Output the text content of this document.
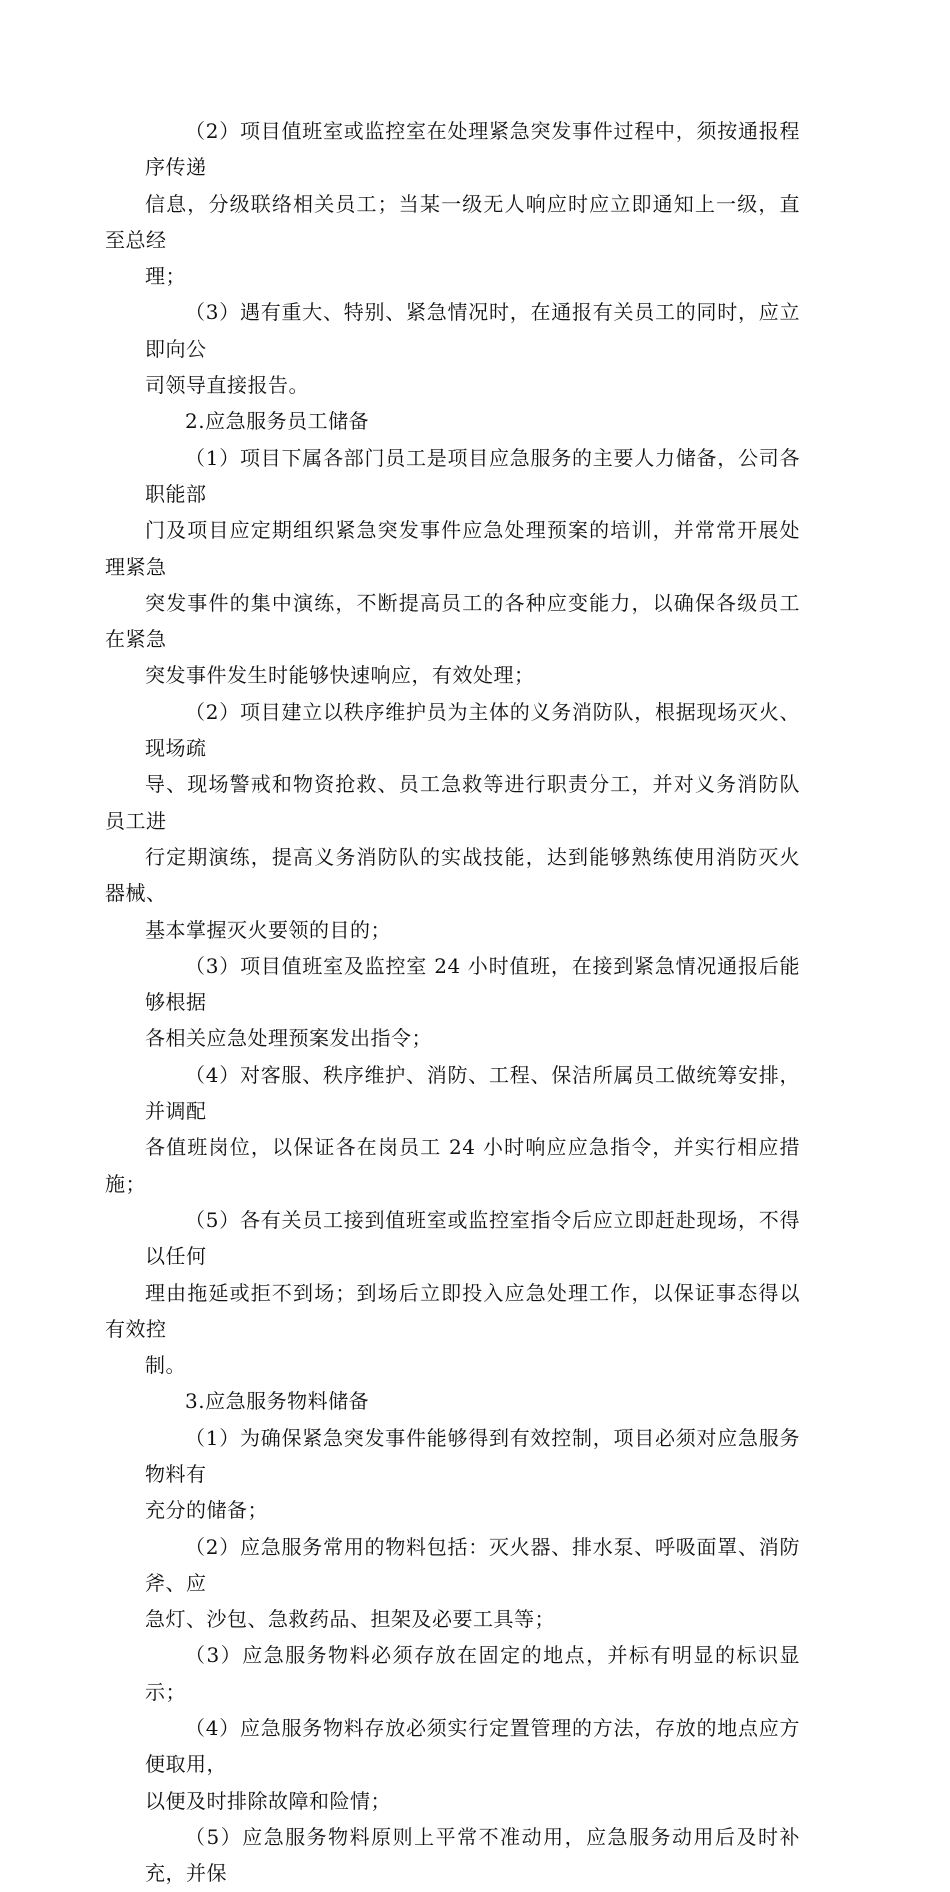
（2）项目值班室或监控室在处理紧急突发事件过程中，须按通报程序传递
信息，分级联络相关员工；当某一级无人响应时应立即通知上一级，直至总经
理；

（3）遇有重大、特别、紧急情况时，在通报有关员工的同时，应立即向公
司领导直接报告。

2.应急服务员工储备

（1）项目下属各部门员工是项目应急服务的主要人力储备，公司各职能部
门及项目应定期组织紧急突发事件应急处理预案的培训，并常常开展处理紧急
突发事件的集中演练，不断提高员工的各种应变能力，以确保各级员工在紧急
突发事件发生时能够快速响应，有效处理；

（2）项目建立以秩序维护员为主体的义务消防队，根据现场灭火、现场疏
导、现场警戒和物资抢救、员工急救等进行职责分工，并对义务消防队员工进
行定期演练，提高义务消防队的实战技能，达到能够熟练使用消防灭火器械、
基本掌握灭火要领的目的；

（3）项目值班室及监控室 24 小时值班，在接到紧急情况通报后能够根据
各相关应急处理预案发出指令；

（4）对客服、秩序维护、消防、工程、保洁所属员工做统筹安排，并调配
各值班岗位，以保证各在岗员工 24 小时响应应急指令，并实行相应措施；

（5）各有关员工接到值班室或监控室指令后应立即赶赴现场，不得以任何
理由拖延或拒不到场；到场后立即投入应急处理工作，以保证事态得以有效控
制。

3.应急服务物料储备

（1）为确保紧急突发事件能够得到有效控制，项目必须对应急服务物料有
充分的储备；

（2）应急服务常用的物料包括：灭火器、排水泵、呼吸面罩、消防斧、应
急灯、沙包、急救药品、担架及必要工具等；

（3）应急服务物料必须存放在固定的地点，并标有明显的标识显示；

（4）应急服务物料存放必须实行定置管理的方法，存放的地点应方便取用，
以便及时排除故障和险情；

（5）应急服务物料原则上平常不准动用，应急服务动用后及时补充，并保
